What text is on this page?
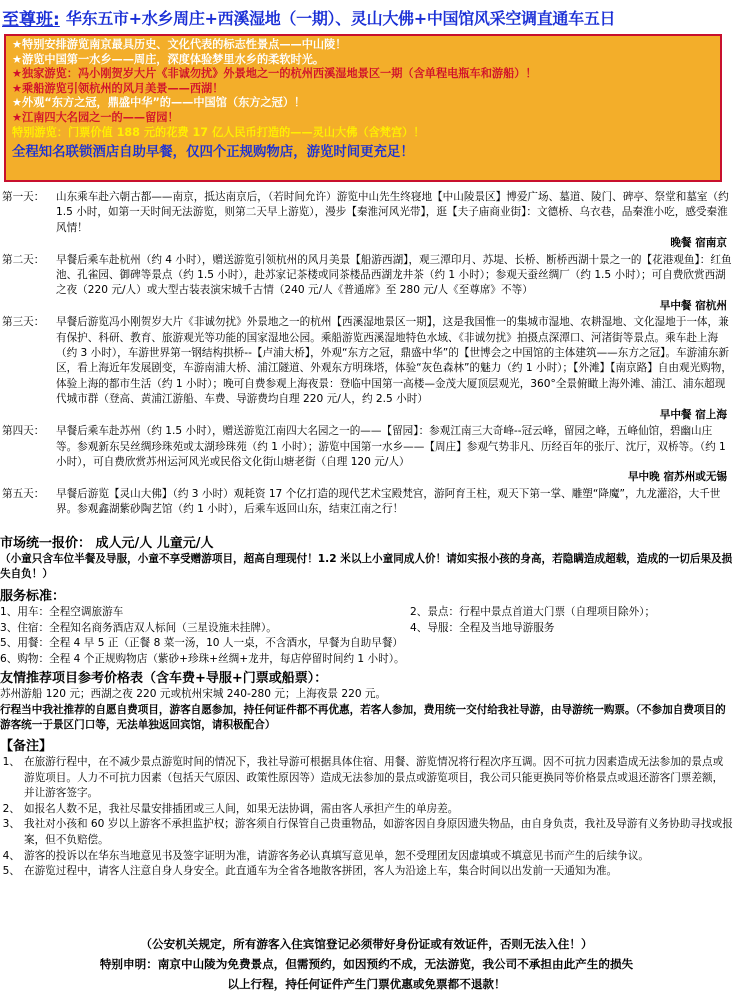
至尊班: 华东五市+水乡周庄+西溪湿地（一期）、灵山大佛+中国馆风采空调直通车五日
★特别安排游览南京最具历史、文化代表的标志性景点——中山陵！
★游览中国第一水乡——周庄，深度体验梦里水乡的柔软时光。
★独家游览：冯小刚贺岁大片《非诚勿扰》外景地之一的杭州西溪湿地景区一期（含单程电瓶车和游船）！
★乘船游览引领杭州的风月美景——西湖！
★外观“东方之冠，鼎盛中华”的——中国馆（东方之冠）！
★江南四大名园之一的——留园！
特别游览：门票价值 188 元的花费 17 亿人民币打造的——灵山大佛（含梵宫）！
全程知名联锁酒店自助早餐，仅四个正规购物店，游览时间更充足！
第一天： 山东乘车赴六朝古都——南京，抵达南京后，（若时间允许）游览中山先生终寝地【中山陵景区】博爱广场、墓道、陵门、碑亭、祭堂和墓室（约 1.5 小时，如第一天时间无法游览，则第二天早上游览），漫步【秦淮河风光带】，逛【夫子庙商业街】：文德桥、乌衣巷，品秦淮小吃，感受秦淮风情！
晚餐 宿南京
第二天： 早餐后乘车赴杭州（约 4 小时），赠送游览引领杭州的风月美景【船游西湖】，观三潭印月、苏堤、长桥、断桥西湖十景之一的【花港观鱼】：红鱼池、孔雀园、御碑等景点（约 1.5 小时），赴苏家记茶楼或同茶楼品西湖龙井茶（约 1 小时）；参观天蚕丝绸厂（约 1.5 小时）；可自费欣赏西湖之夜（220 元/人）或大型古装表演宋城千古情（240 元/人《普通席》至 280 元/人《至尊席》不等）
早中餐 宿杭州
第三天： 早餐后游览冯小刚贺岁大片《非诚勿扰》外景地之一的杭州【西溪湿地景区一期】，这是我国惟一的集城市湿地、农耕湿地、文化湿地于一体，兼有保护、科研、教育、旅游观光等功能的国家湿地公园。乘船游览西溪湿地特色水域、《非诚勿扰》拍摄点深潭口、河渚街等景点。乘车赴上海（约 3 小时），车游世界第一钢结构拱桥--【卢浦大桥】，外观“东方之冠，鼎盛中华”的【世博会之中国馆的主体建筑——东方之冠】。车游浦东新区，看上海近年发展剧变，车游南浦大桥、浦江隧道、外观东方明珠塔，体验“灰色森林”的魅力（约 1 小时）；【外滩】【南京路】自由观光购物，体验上海的都市生活（约 1 小时）；晚可自费参观上海夜景：登临中国第一高楼—金茂大厦顶层观光，360°全景俯瞰上海外滩、浦江、浦东超现代城市群（登高、黄浦江游船、车费、导游费均自理 220 元/人，约 2.5 小时）
早中餐 宿上海
第四天： 早餐后乘车赴苏州（约 1.5 小时），赠送游览江南四大名园之一的——【留园】：参观江南三大奇峰--冠云峰，留园之峰，五峰仙馆，碧幽山庄等。参观新东吴丝绸珍珠苑或太湖珍珠苑（约 1 小时）；游览中国第一水乡——【周庄】参观气势非凡、历经百年的张厅、沈厅，双桥等。（约 1 小时），可自费欣赏苏州运河风光或民俗文化街山塘老街（自理 120 元/人）
早中晚 宿苏州或无锡
第五天： 早餐后游览【灵山大佛】（约 3 小时）观耗资 17 个亿打造的现代艺术宝殿梵宫，游阿育王柱，观天下第一掌、雕塑“降魔”，九龙灌浴，大千世界。参观鑫湖紫砂陶艺馆（约 1 小时），后乘车返回山东，结束江南之行！
市场统一报价： 成人元/人 儿童元/人
（小童只含车位半餐及导服，小童不享受赠游项目，超高自理现付！1.2 米以上小童同成人价！请如实报小孩的身高，若隐瞒造成超载，造成的一切后果及损失自负！）
服务标准：
1、用车：全程空调旅游车	2、景点：行程中景点首道大门票（自理项目除外）；
3、住宿：全程知名商务酒店双人标间（三星设施未挂牌）。	4、导服：全程及当地导游服务
5、用餐：全程 4 早 5 正（正餐 8 菜一汤，10 人一桌，不含酒水，早餐为自助早餐）
6、购物：全程 4 个正规购物店（紫砂+珍珠+丝绸+龙井，每店停留时间约 1 小时）。
友情推荐项目参考价格表（含车费+导服+门票或船票）：
苏州游船 120 元；西湖之夜 220 元或杭州宋城 240-280 元；上海夜景 220 元。
行程当中我社推荐的自愿自费项目，游客自愿参加，持任何证件都不再优惠，若客人参加，费用统一交付给我社导游，由导游统一购票。（不参加自费项目的游客统一于景区门口等，无法单独返回宾馆，请积极配合）
【备注】
1、 在旅游行程中，在不减少景点游览时间的情况下，我社导游可根据具体住宿、用餐、游览情况将行程次序互调。因不可抗力因素造成无法参加的景点或游览项目。人力不可抗力因素（包括天气原因、政策性原因等）造成无法参加的景点或游览项目，我公司只能更换同等价格景点或退还游客门票差额，并让游客签字。
2、 如报名人数不足，我社尽量安排插团或三人间，如果无法协调，需由客人承担产生的单房差。
3、 我社对小孩和 60 岁以上游客不承担监护权；游客须自行保管自己贵重物品，如游客因自身原因遗失物品，由自身负责，我社及导游有义务协助寻找或报案，但不负赔偿。
4、 游客的投诉以在华东当地意见书及签字证明为准，请游客务必认真填写意见单，恕不受理团友因虚填或不填意见书而产生的后续争议。
5、 在游览过程中，请客人注意自身人身安全。此直通车为全省各地散客拼团，客人为沿途上车，集合时间以出发前一天通知为准。
（公安机关规定，所有游客入住宾馆登记必须带好身份证或有效证件，否则无法入住！）
特别申明：南京中山陵为免费景点，但需预约，如因预约不成，无法游览，我公司不承担由此产生的损失
以上行程，持任何证件产生门票优惠或免票都不退款！
